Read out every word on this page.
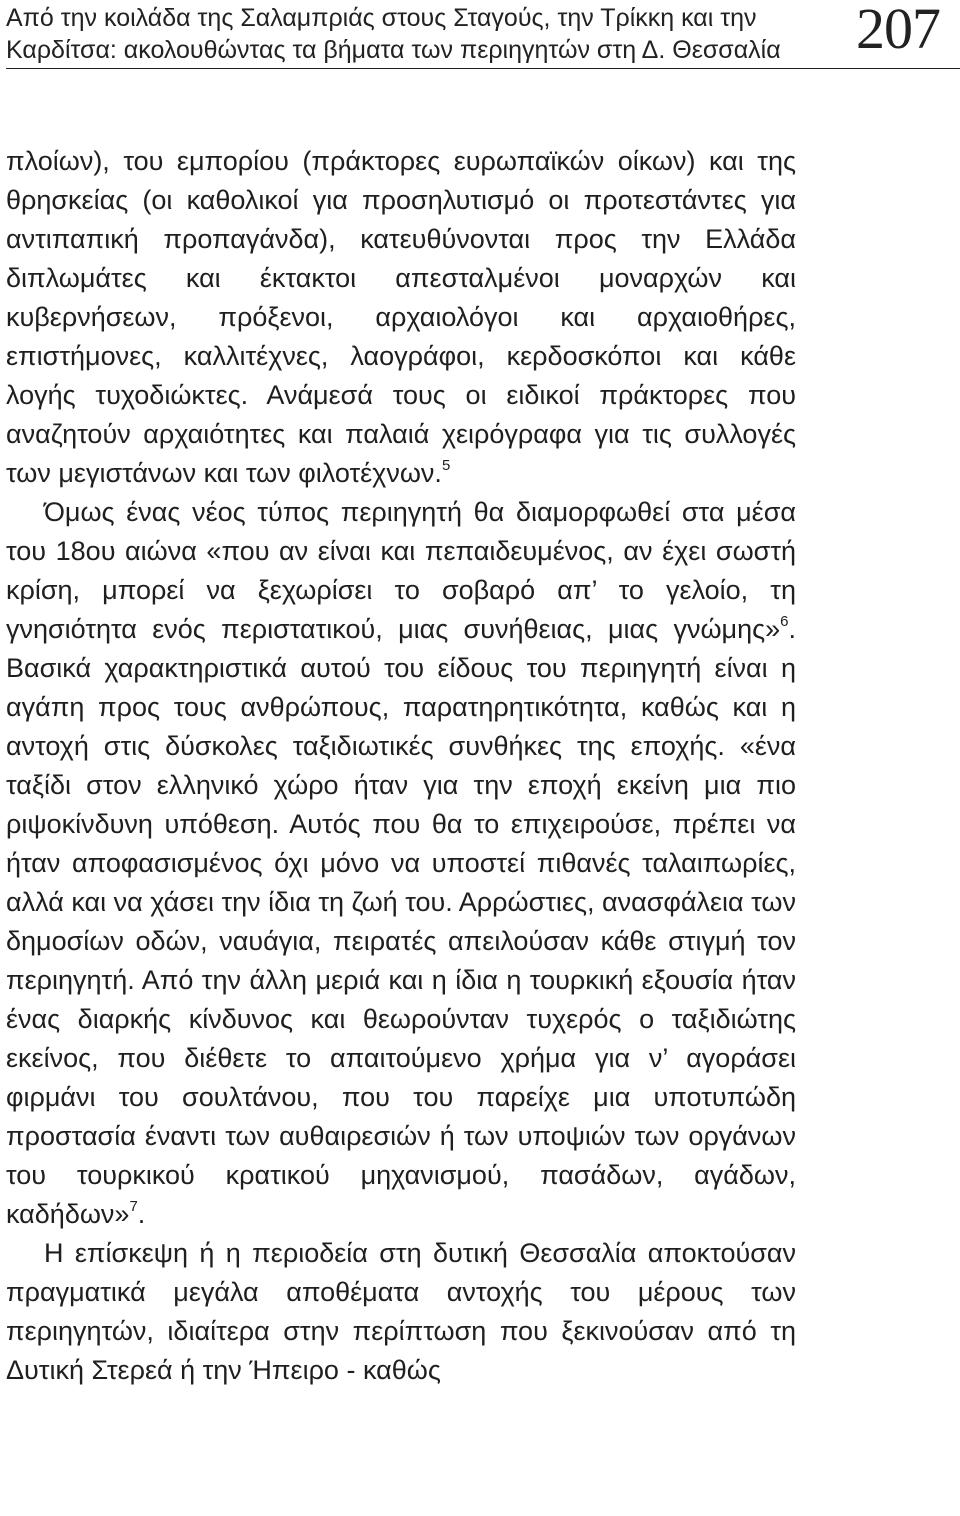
Από την κοιλάδα της Σαλαμπριάς στους Σταγούς, την Τρίκκη και την Καρδίτσα: ακολουθώντας τα βήματα των περιηγητών στη Δ. Θεσσαλία 207

πλοίων), του εμπορίου (πράκτορες ευρωπαϊκών οίκων) και της θρησκείας (οι καθολικοί για προσηλυτισμό οι προτεστάντες για αντιπαπική προπαγάνδα), κατευθύνονται προς την Ελλάδα διπλωμάτες και έκτακτοι απεσταλμένοι μοναρχών και κυβερνήσεων, πρόξενοι, αρχαιολόγοι και αρχαιοθήρες, επιστήμονες, καλλιτέχνες, λαογράφοι, κερδοσκόποι και κάθε λογής τυχοδιώκτες. Ανάμεσά τους οι ειδικοί πράκτορες που αναζητούν αρχαιότητες και παλαιά χειρόγραφα για τις συλλογές των μεγιστάνων και των φιλοτέχνων.$^5$

Όμως ένας νέος τύπος περιηγητή θα διαμορφωθεί στα μέσα του 18ου αιώνα «που αν είναι και πεπαιδευμένος, αν έχει σωστή κρίση, μπορεί να ξεχωρίσει το σοβαρό απ’ το γελοίο, τη γνησιότητα ενός περιστατικού, μιας συνήθειας, μιας γνώμης»$^6$. Βασικά χαρακτηριστικά αυτού του είδους του περιηγητή είναι η αγάπη προς τους ανθρώπους, παρατηρητικότητα, καθώς και η αντοχή στις δύσκολες ταξιδιωτικές συνθήκες της εποχής. «ένα ταξίδι στον ελληνικό χώρο ήταν για την εποχή εκείνη μια πιο ριψοκίνδυνη υπόθεση. Αυτός που θα το επιχειρούσε, πρέπει να ήταν αποφασισμένος όχι μόνο να υποστεί πιθανές ταλαιπωρίες, αλλά και να χάσει την ίδια τη ζωή του. Αρρώστιες, ανασφάλεια των δημοσίων οδών, ναυάγια, πειρατές απειλούσαν κάθε στιγμή τον περιηγητή. Από την άλλη μεριά και η ίδια η τουρκική εξουσία ήταν ένας διαρκής κίνδυνος και θεωρούνταν τυχερός ο ταξιδιώτης εκείνος, που διέθετε το απαιτούμενο χρήμα για ν’ αγοράσει φιρμάνι του σουλτάνου, που του παρείχε μια υποτυπώδη προστασία έναντι των αυθαιρεσιών ή των υποψιών των οργάνων του τουρκικού κρατικού μηχανισμού, πασάδων, αγάδων, καδήδων»$^7$.

Η επίσκεψη ή η περιοδεία στη δυτική Θεσσαλία αποκτούσαν πραγματικά μεγάλα αποθέματα αντοχής του μέρους των περιηγητών, ιδιαίτερα στην περίπτωση που ξεκινούσαν από τη Δυτική Στερεά ή την Ήπειρο - καθώς
